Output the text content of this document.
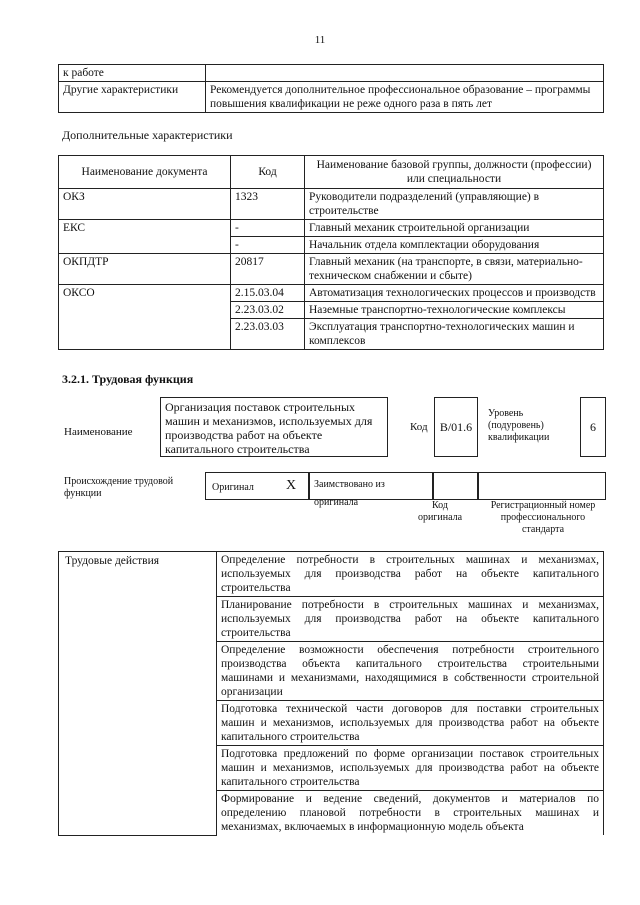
11
к работе	
Другие характеристики	Рекомендуется дополнительное профессиональное образование – программы повышения квалификации не реже одного раза в пять лет
Дополнительные характеристики
Наименование документа	Код	Наименование базовой группы, должности (профессии) или специальности
ОКЗ	1323	Руководители подразделений (управляющие) в строительстве
ЕКС	-	Главный механик строительной организации
	-	Начальник отдела комплектации оборудования
ОКПДТР	20817	Главный механик (на транспорте, в связи, материально-техническом снабжении и сбыте)
ОКСО	2.15.03.04	Автоматизация технологических процессов и производств
	2.23.03.02	Наземные транспортно-технологические комплексы
	2.23.03.03	Эксплуатация транспортно-технологических машин и комплексов
3.2.1. Трудовая функция
Наименование
Организация поставок строительных машин и механизмов, используемых для производства работ на объекте капитального строительства
Код	B/01.6
Уровень (подуровень) квалификации
6
Происхождение трудовой функции
Оригинал X	Заимствовано из оригинала	Код оригинала
Регистрационный номер профессионального стандарта
Трудовые действия	Определение потребности в строительных машинах и механизмах, используемых для производства работ на объекте капитального строительства
Планирование потребности в строительных машинах и механизмах, используемых для производства работ на объекте капитального строительства
Определение возможности обеспечения потребности строительного производства объекта капитального строительства строительными машинами и механизмами, находящимися в собственности строительной организации
Подготовка технической части договоров для поставки строительных машин и механизмов, используемых для производства работ на объекте капитального строительства
Подготовка предложений по форме организации поставок строительных машин и механизмов, используемых для производства работ на объекте капитального строительства
Формирование и ведение сведений, документов и материалов по определению плановой потребности в строительных машинах и механизмах, включаемых в информационную модель объекта
